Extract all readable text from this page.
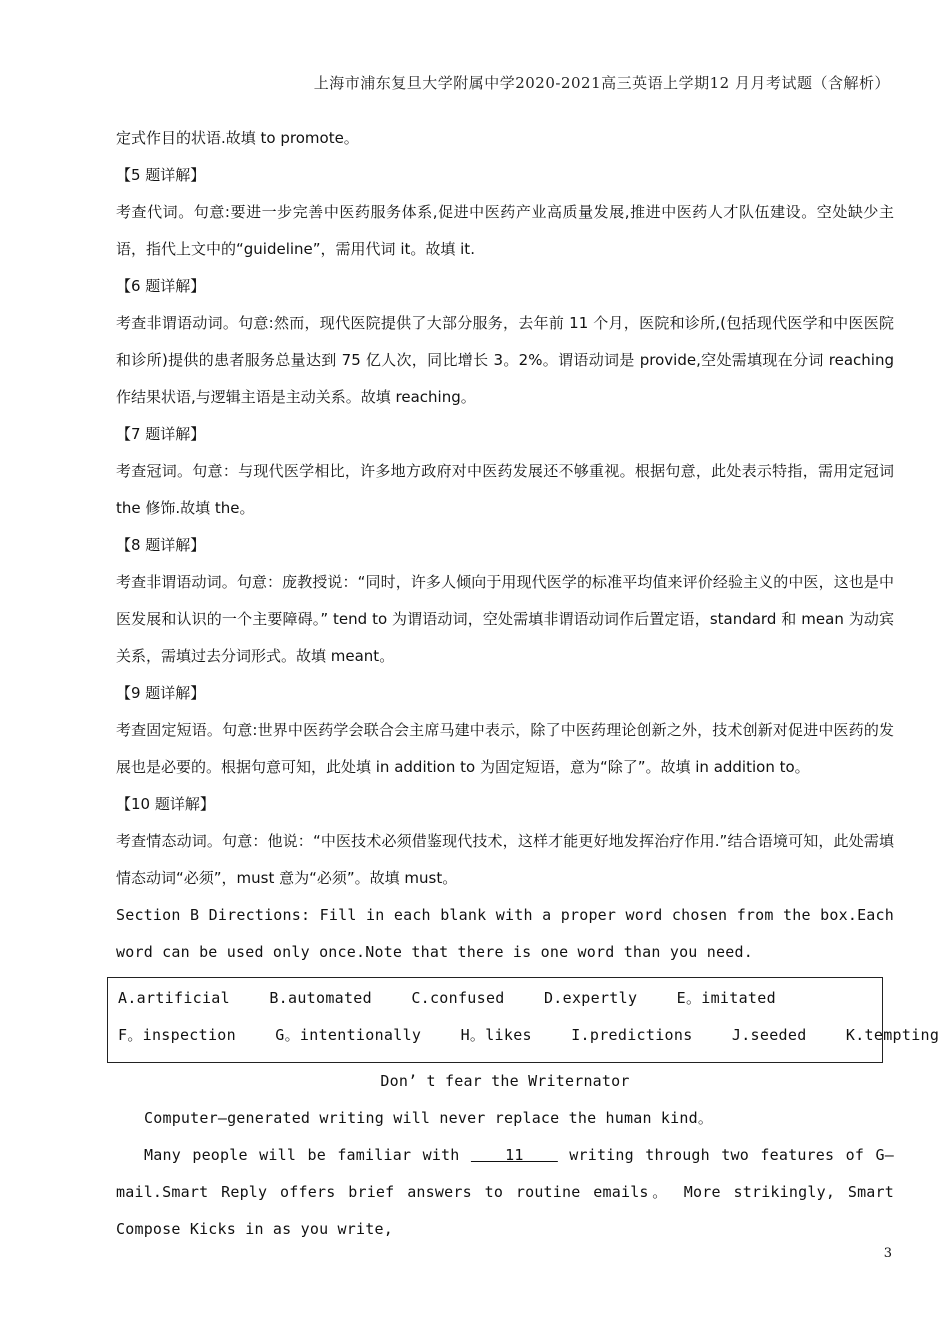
上海市浦东复旦大学附属中学2020-2021高三英语上学期12 月月考试题（含解析）

定式作目的状语.故填 to promote。

【5 题详解】

考查代词。句意:要进一步完善中医药服务体系,促进中医药产业高质量发展,推进中医药人才队伍建设。空处缺少主语，指代上文中的“guideline”，需用代词 it。故填 it.

【6 题详解】

考查非谓语动词。句意:然而，现代医院提供了大部分服务，去年前 11 个月，医院和诊所,(包括现代医学和中医医院和诊所)提供的患者服务总量达到 75 亿人次，同比增长 3。2%。谓语动词是 provide,空处需填现在分词 reaching 作结果状语,与逻辑主语是主动关系。故填 reaching。

【7 题详解】

考查冠词。句意：与现代医学相比，许多地方政府对中医药发展还不够重视。根据句意，此处表示特指，需用定冠词 the 修饰.故填 the。

【8 题详解】

考查非谓语动词。句意：庞教授说：“同时，许多人倾向于用现代医学的标准平均值来评价经验主义的中医，这也是中医发展和认识的一个主要障碍。” tend to 为谓语动词，空处需填非谓语动词作后置定语，standard 和 mean 为动宾关系，需填过去分词形式。故填 meant。

【9 题详解】

考查固定短语。句意:世界中医药学会联合会主席马建中表示，除了中医药理论创新之外，技术创新对促进中医药的发展也是必要的。根据句意可知，此处填 in addition to 为固定短语，意为“除了”。故填 in addition to。

【10 题详解】

考查情态动词。句意：他说：“中医技术必须借鉴现代技术，这样才能更好地发挥治疗作用.”结合语境可知，此处需填情态动词“必须”，must 意为“必须”。故填 must。

Section B Directions: Fill in each blank with a proper word chosen from the box.Each word can be used only once.Note that there is one word than you need.

A.artificial	B.automated	C.confused	D.expertly	E。imitated
F。inspection	G。intentionally	H。likes	I.predictions	J.seeded	K.tempting

Don’ t fear the Writernator

Computer—generated writing will never replace the human kind。

Many people will be familiar with    11    writing through two features of G—mail.Smart Reply offers brief answers to routine emails。 More strikingly, Smart Compose Kicks in as you write,

3
